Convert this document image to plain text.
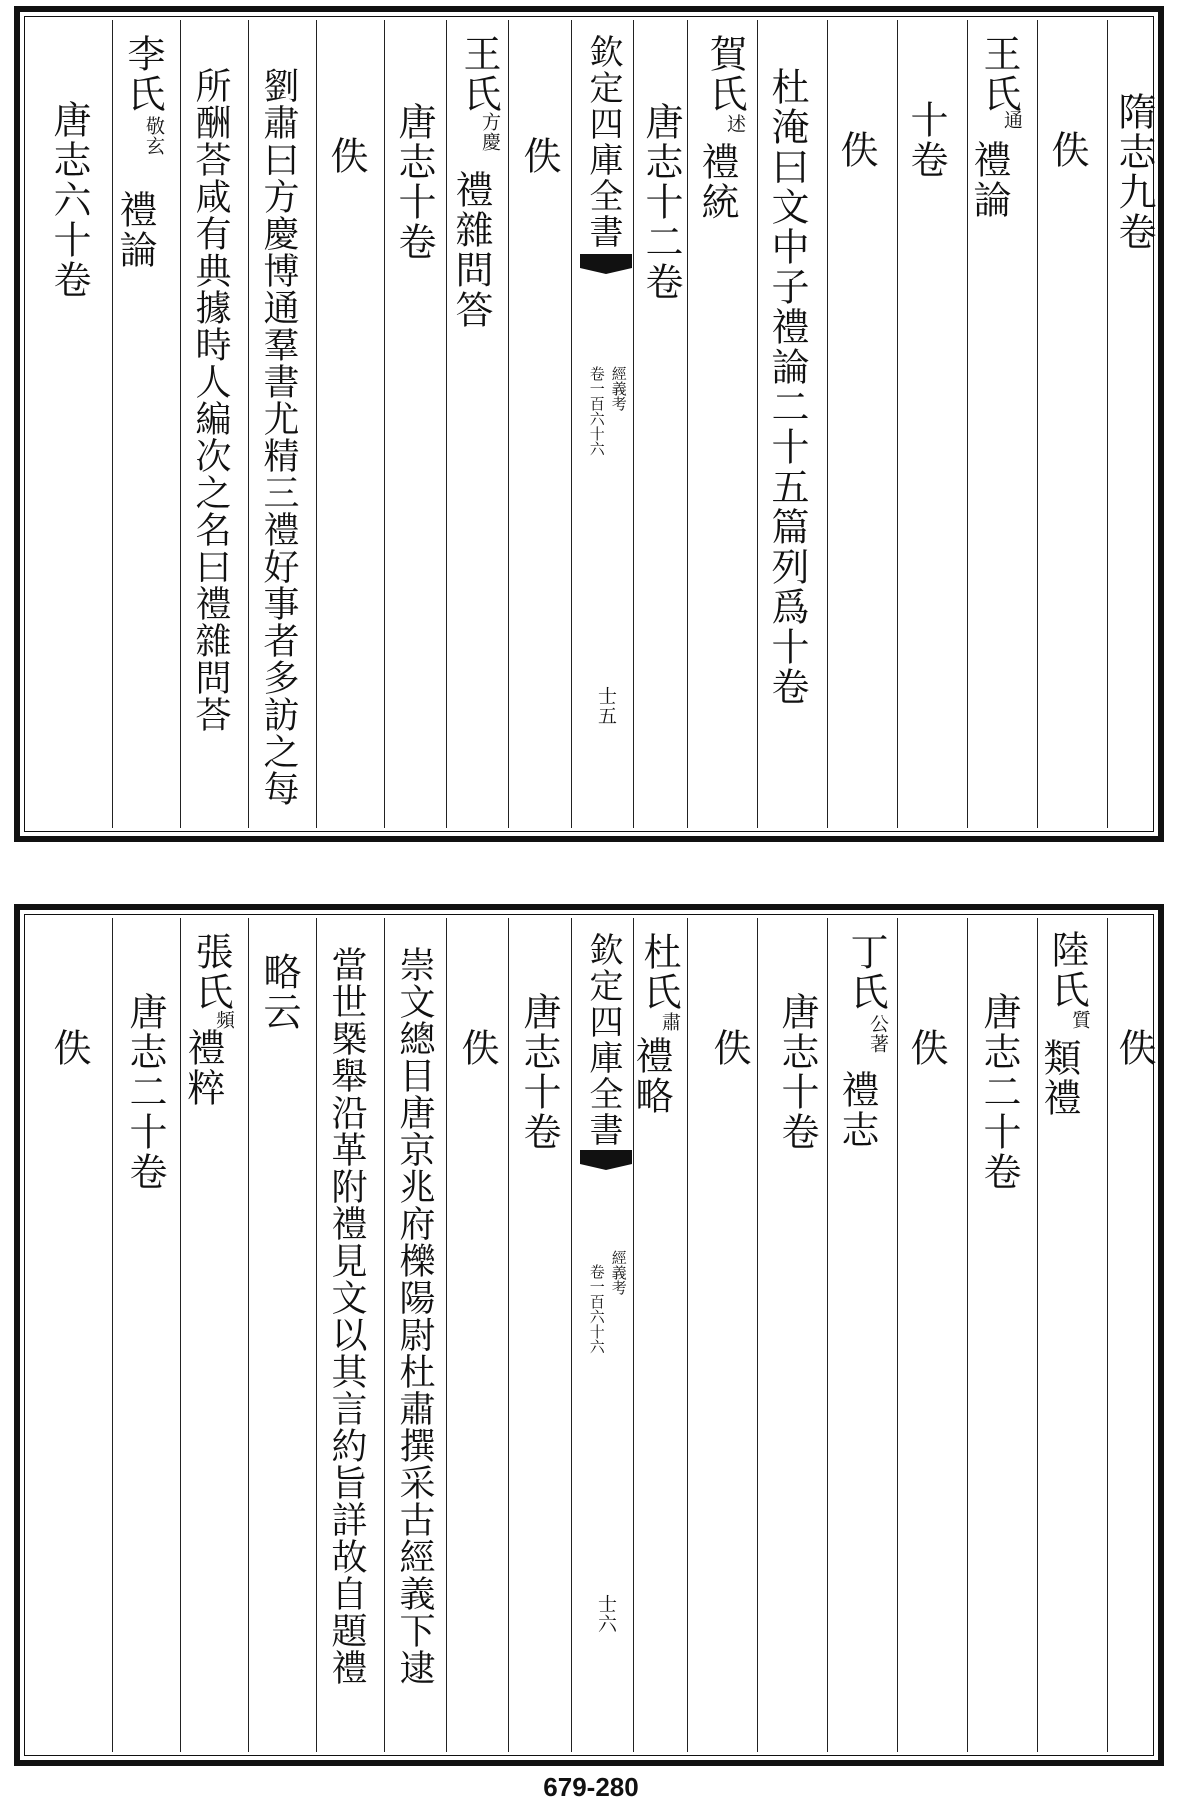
隋志九卷
佚
王氏
通
禮論
十卷
佚
杜淹曰文中子禮論二十五篇列爲十卷
賀氏
述
禮統
欽定四庫全書
經義考
卷一百六十六
士五
唐志十二卷
佚
王氏
方慶
禮雜問答
唐志十卷
佚
劉肅曰方慶博通羣書尤精三禮好事者多訪之每
所酬荅咸有典據時人編次之名曰禮雜問荅
李氏
敬玄
禮論
唐志六十卷
佚
陸氏
質
類禮
唐志二十卷
佚
丁氏
公著
禮志
唐志十卷
佚
杜氏
肅
禮略
欽定四庫全書
經義考
卷一百六十六
士六
唐志十卷
佚
崇文總目唐京兆府櫟陽尉杜肅撰采古經義下逮
當世槩舉沿革附禮見文以其言約旨詳故自題禮
略云
張氏
頻
禮粹
唐志二十卷
佚
679-280
